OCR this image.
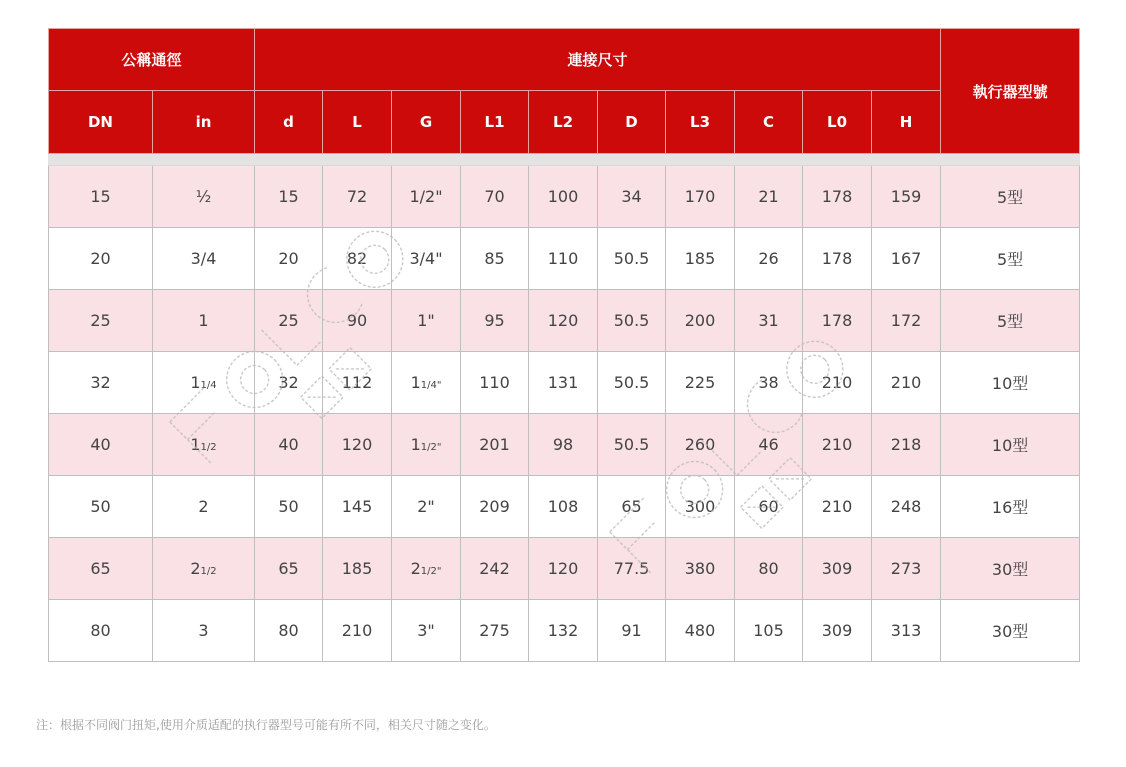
公稱通徑		連接尺寸										執行器型號
DN	in	d	L	G	L1	L2	D	L3	C	L0	H	

15	½	15	72	1/2"	70	100	34	170	21	178	159	5型
20	3/4	20	82	3/4"	85	110	50.5	185	26	178	167	5型
25	1	25	90	1"	95	120	50.5	200	31	178	172	5型
32	11/4	32	112	11/4"	110	131	50.5	225	38	210	210	10型
40	11/2	40	120	11/2"	201	98	50.5	260	46	210	218	10型
50	2	50	145	2"	209	108	65	300	60	210	248	16型
65	21/2	65	185	21/2"	242	120	77.5	380	80	309	273	30型
80	3	80	210	3"	275	132	91	480	105	309	313	30型
注：根据不同阀门扭矩,使用介质适配的执行器型号可能有所不同，相关尺寸随之变化。
